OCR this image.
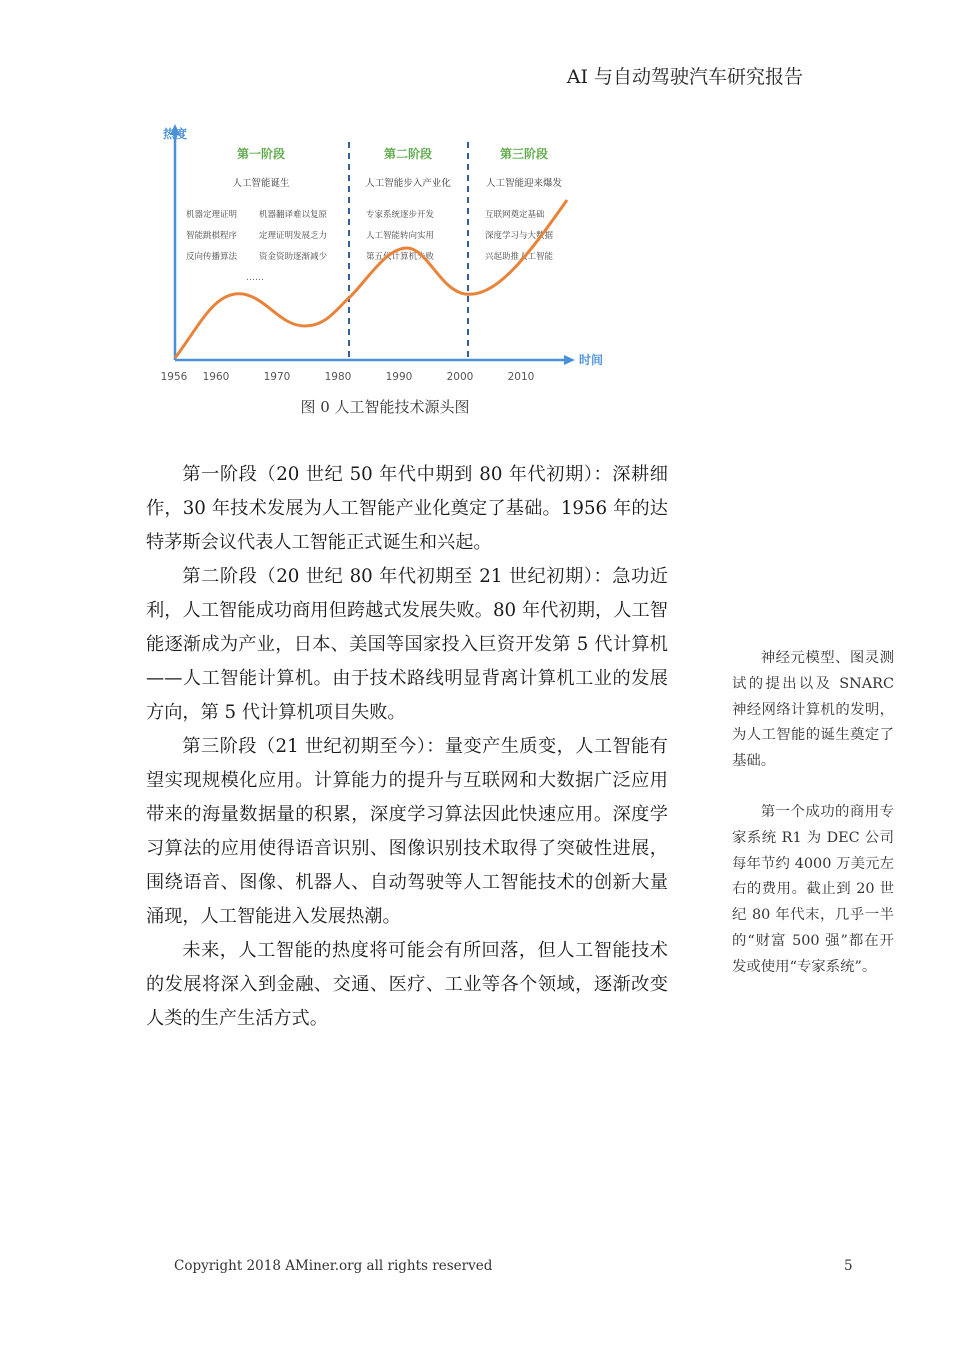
AI 与自动驾驶汽车研究报告
热度
时间
第一阶段	第二阶段	第三阶段
人工智能诞生	人工智能步入产业化	人工智能迎来爆发
机器定理证明
智能跳棋程序
反向传播算法
机器翻译难以复原
定理证明发展乏力
资金资助逐渐减少
……
专家系统逐步开发
人工智能转向实用
第五代计算机失败
互联网奠定基础
深度学习与大数据
兴起助推人工智能
1956 1960	1970	1980	1990	2000	2010
图 0 人工智能技术源头图

第一阶段（20 世纪 50 年代中期到 80 年代初期）：深耕细作，30 年技术发展为人工智能产业化奠定了基础。1956 年的达特茅斯会议代表人工智能正式诞生和兴起。

第二阶段（20 世纪 80 年代初期至 21 世纪初期）：急功近利，人工智能成功商用但跨越式发展失败。80 年代初期，人工智能逐渐成为产业，日本、美国等国家投入巨资开发第 5 代计算机——人工智能计算机。由于技术路线明显背离计算机工业的发展方向，第 5 代计算机项目失败。

第三阶段（21 世纪初期至今）：量变产生质变，人工智能有望实现规模化应用。计算能力的提升与互联网和大数据广泛应用带来的海量数据量的积累，深度学习算法因此快速应用。深度学习算法的应用使得语音识别、图像识别技术取得了突破性进展，围绕语音、图像、机器人、自动驾驶等人工智能技术的创新大量涌现，人工智能进入发展热潮。

未来，人工智能的热度将可能会有所回落，但人工智能技术的发展将深入到金融、交通、医疗、工业等各个领域，逐渐改变人类的生产生活方式。

神经元模型、图灵测试的提出以及 SNARC 神经网络计算机的发明，为人工智能的诞生奠定了基础。

第一个成功的商用专家系统 R1 为 DEC 公司每年节约 4000 万美元左右的费用。截止到 20 世纪 80 年代末，几乎一半的“财富 500 强”都在开发或使用“专家系统”。

Copyright 2018 AMiner.org all rights reserved	5
